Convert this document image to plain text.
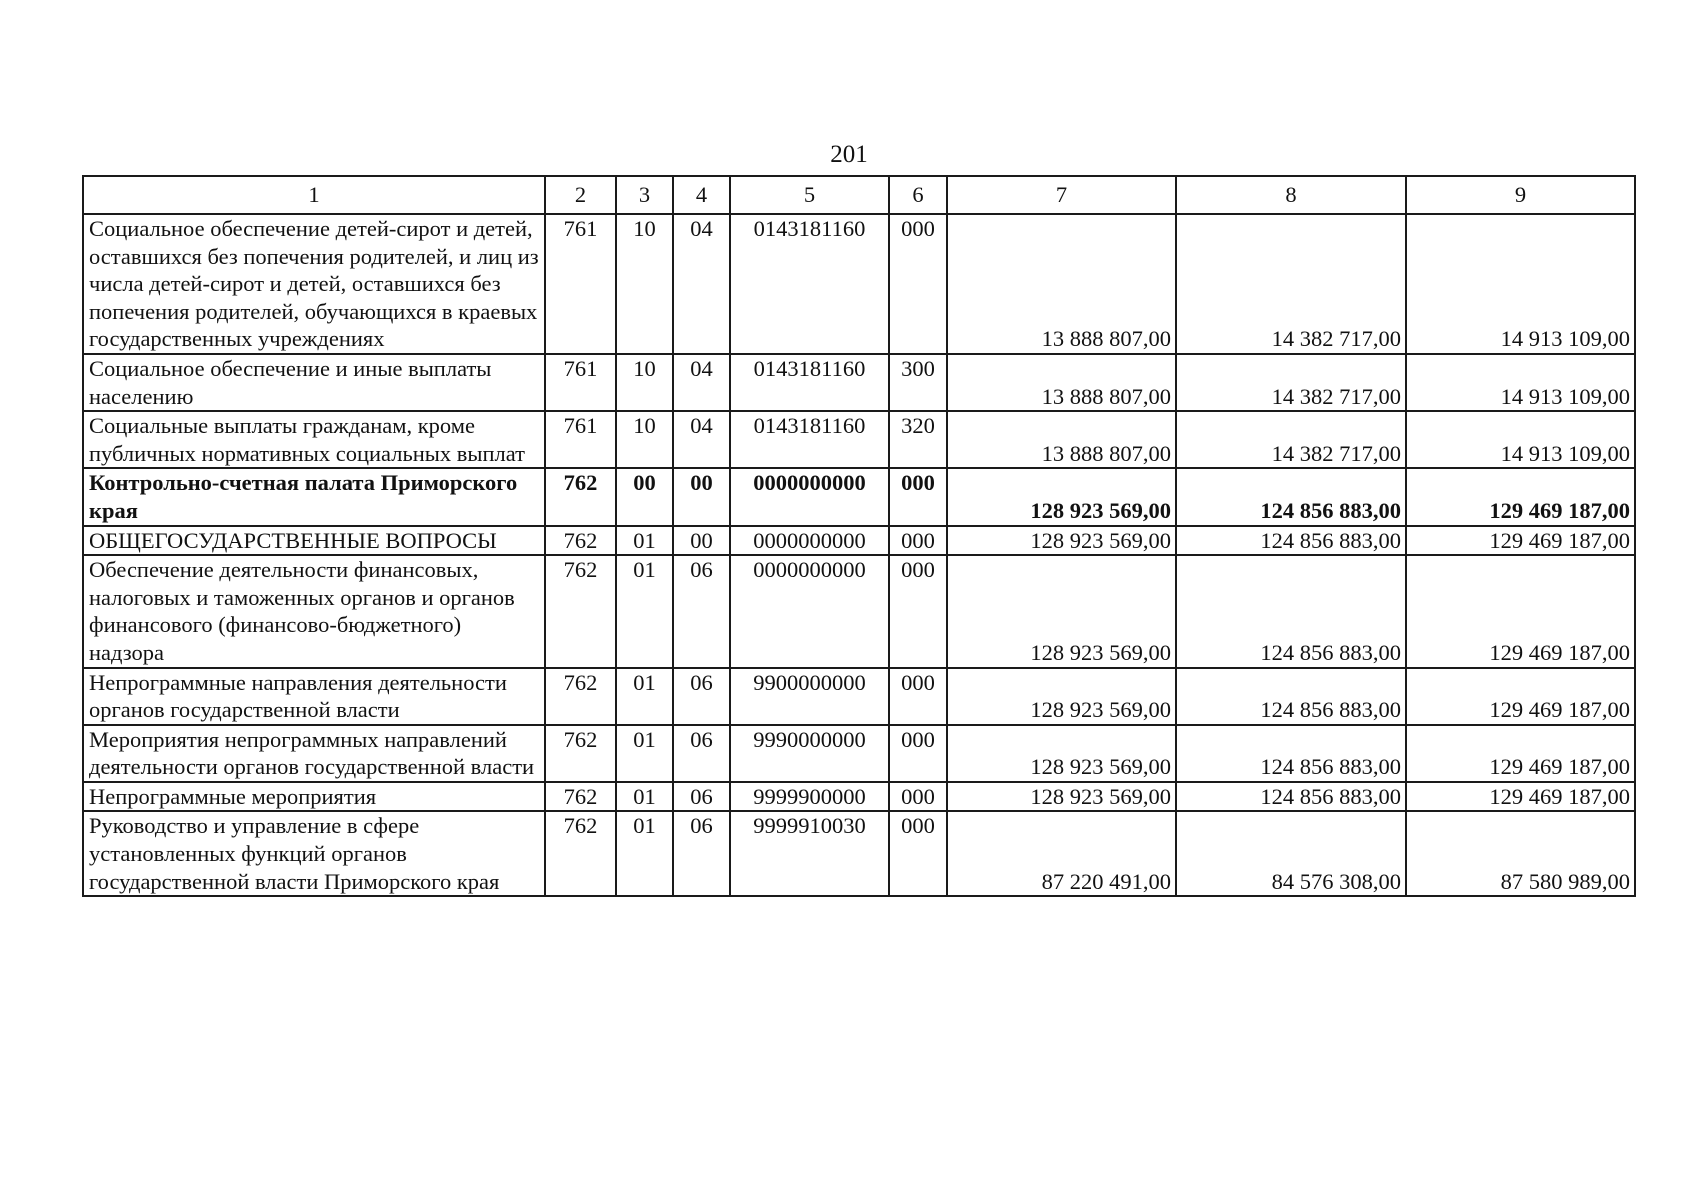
201
1	2	3	4	5	6	7	8	9
Социальное обеспечение детей-сирот и детей, оставшихся без попечения родителей, и лиц из числа детей-сирот и детей, оставшихся без попечения родителей, обучающихся в краевых государственных учреждениях	761	10	04	0143181160	000	13 888 807,00	14 382 717,00	14 913 109,00
Социальное обеспечение и иные выплаты населению	761	10	04	0143181160	300	13 888 807,00	14 382 717,00	14 913 109,00
Социальные выплаты гражданам, кроме публичных нормативных социальных выплат	761	10	04	0143181160	320	13 888 807,00	14 382 717,00	14 913 109,00
Контрольно-счетная палата Приморского края	762	00	00	0000000000	000	128 923 569,00	124 856 883,00	129 469 187,00
ОБЩЕГОСУДАРСТВЕННЫЕ ВОПРОСЫ	762	01	00	0000000000	000	128 923 569,00	124 856 883,00	129 469 187,00
Обеспечение деятельности финансовых, налоговых и таможенных органов и органов финансового (финансово-бюджетного) надзора	762	01	06	0000000000	000	128 923 569,00	124 856 883,00	129 469 187,00
Непрограммные направления деятельности органов государственной власти	762	01	06	9900000000	000	128 923 569,00	124 856 883,00	129 469 187,00
Мероприятия непрограммных направлений деятельности органов государственной власти	762	01	06	9990000000	000	128 923 569,00	124 856 883,00	129 469 187,00
Непрограммные мероприятия	762	01	06	9999900000	000	128 923 569,00	124 856 883,00	129 469 187,00
Руководство и управление в сфере установленных функций органов государственной власти Приморского края	762	01	06	9999910030	000	87 220 491,00	84 576 308,00	87 580 989,00
